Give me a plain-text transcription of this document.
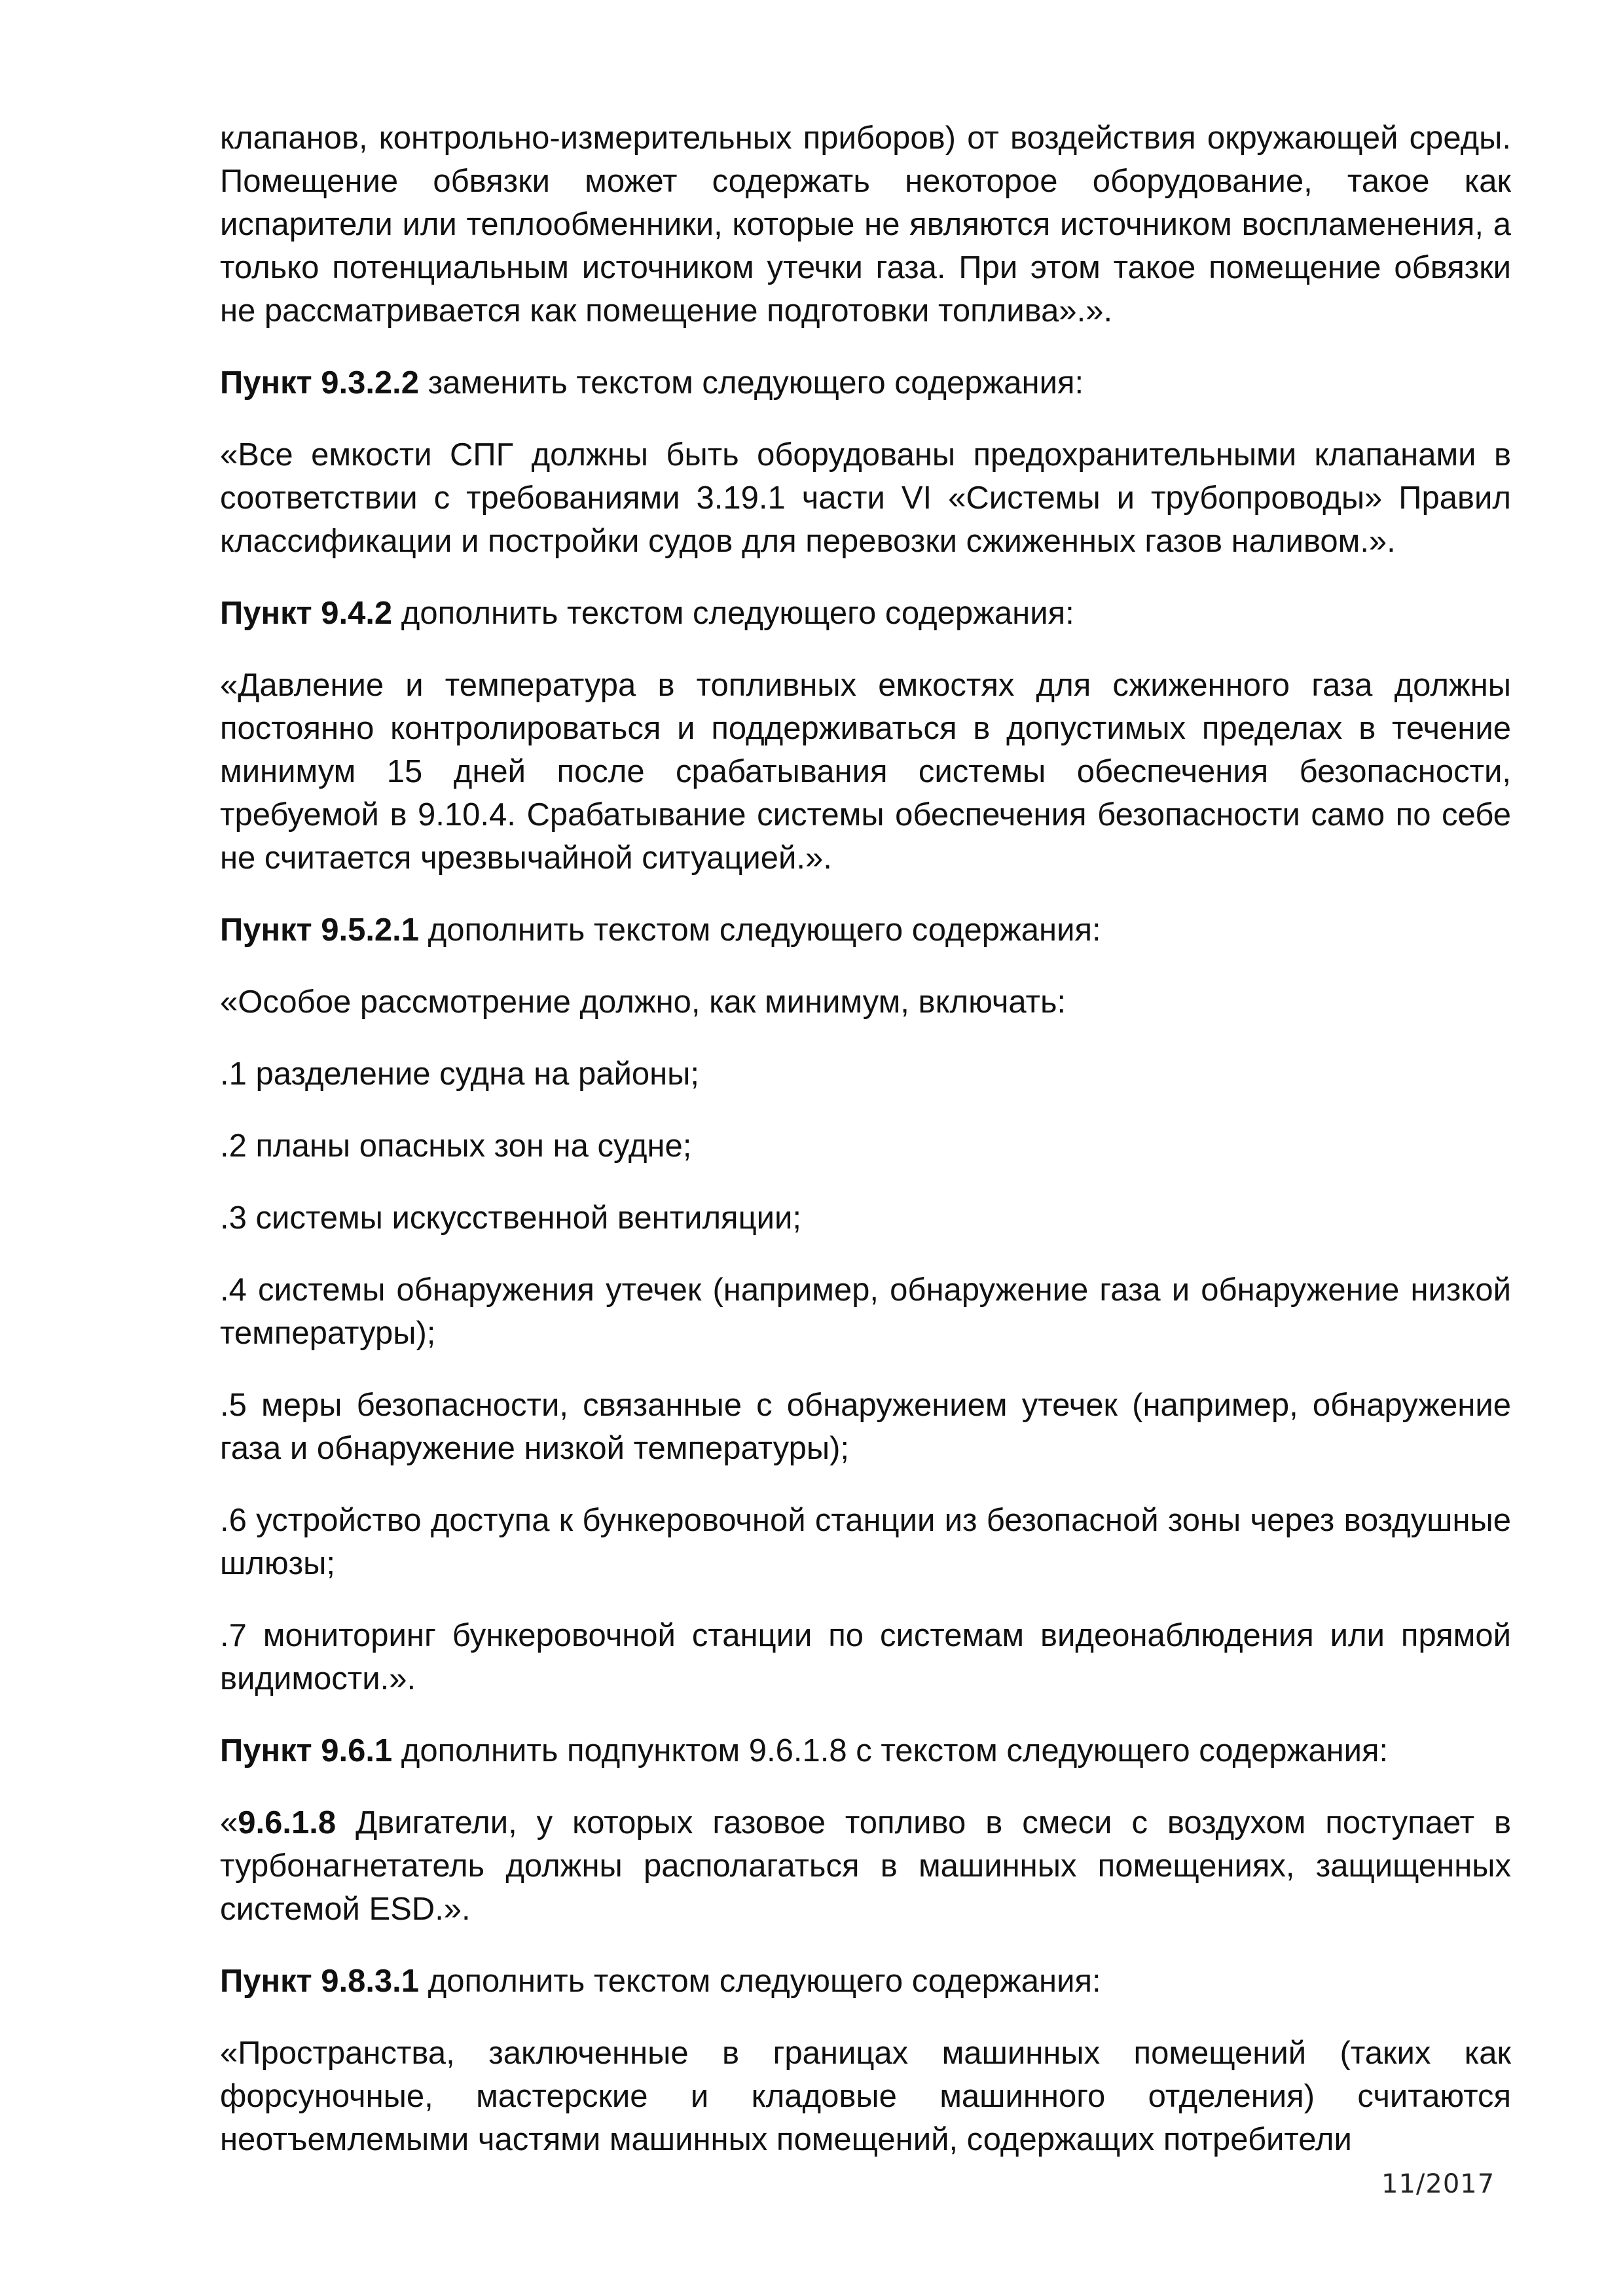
клапанов, контрольно-измерительных приборов) от воздействия окружающей среды. Помещение обвязки может содержать некоторое оборудование, такое как испарители или теплообменники, которые не являются источником воспламенения, а только потенциальным источником утечки газа. При этом такое помещение обвязки не рассматривается как помещение подготовки топлива».».

Пункт 9.3.2.2 заменить текстом следующего содержания:

«Все емкости СПГ должны быть оборудованы предохранительными клапанами в соответствии с требованиями 3.19.1 части VI «Системы и трубопроводы» Правил классификации и постройки судов для перевозки сжиженных газов наливом.».

Пункт 9.4.2 дополнить текстом следующего содержания:

«Давление и температура в топливных емкостях для сжиженного газа должны постоянно контролироваться и поддерживаться в допустимых пределах в течение минимум 15 дней после срабатывания системы обеспечения безопасности, требуемой в 9.10.4. Срабатывание системы обеспечения безопасности само по себе не считается чрезвычайной ситуацией.».

Пункт 9.5.2.1 дополнить текстом следующего содержания:

«Особое рассмотрение должно, как минимум, включать:

.1 разделение судна на районы;

.2 планы опасных зон на судне;

.3 системы искусственной вентиляции;

.4 системы обнаружения утечек (например, обнаружение газа и обнаружение низкой температуры);

.5 меры безопасности, связанные с обнаружением утечек (например, обнаружение газа и обнаружение низкой температуры);

.6 устройство доступа к бункеровочной станции из безопасной зоны через воздушные шлюзы;

.7 мониторинг бункеровочной станции по системам видеонаблюдения или прямой видимости.».

Пункт 9.6.1 дополнить подпунктом 9.6.1.8 с текстом следующего содержания:

«9.6.1.8 Двигатели, у которых газовое топливо в смеси с воздухом поступает в турбонагнетатель должны располагаться в машинных помещениях, защищенных системой ESD.».

Пункт 9.8.3.1 дополнить текстом следующего содержания:

«Пространства, заключенные в границах машинных помещений (таких как форсуночные, мастерские и кладовые машинного отделения) считаются неотъемлемыми частями машинных помещений, содержащих потребители

11/2017
